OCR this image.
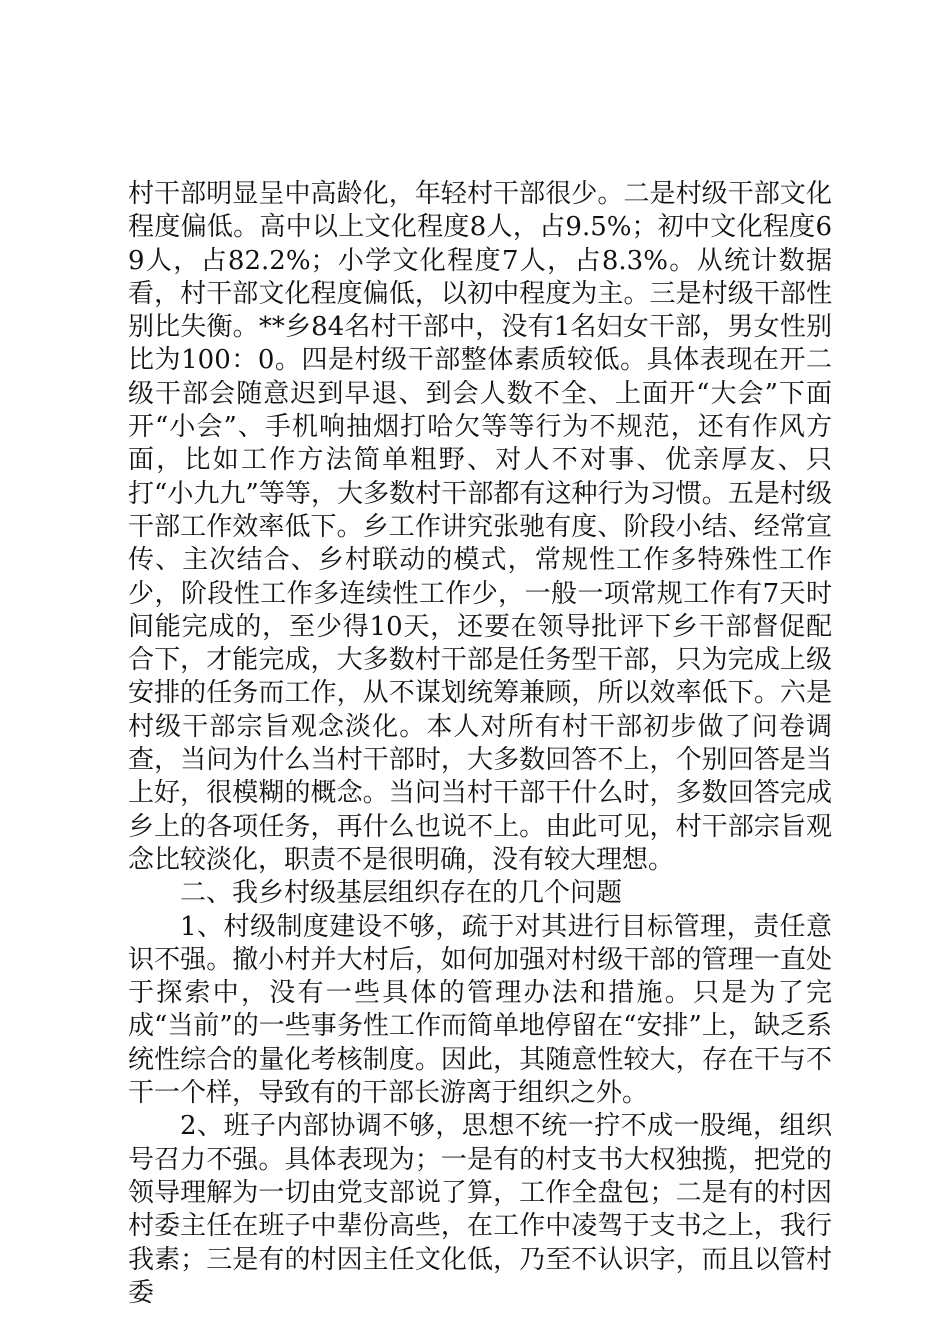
村干部明显呈中高龄化，年轻村干部很少。二是村级干部文化程度偏低。高中以上文化程度8人，占9.5%；初中文化程度69人，占82.2%；小学文化程度7人，占8.3%。从统计数据看，村干部文化程度偏低，以初中程度为主。三是村级干部性别比失衡。**乡84名村干部中，没有1名妇女干部，男女性别比为100：0。四是村级干部整体素质较低。具体表现在开二级干部会随意迟到早退、到会人数不全、上面开“大会”下面开“小会”、手机响抽烟打哈欠等等行为不规范，还有作风方面，比如工作方法简单粗野、对人不对事、优亲厚友、只打“小九九”等等，大多数村干部都有这种行为习惯。五是村级干部工作效率低下。乡工作讲究张驰有度、阶段小结、经常宣传、主次结合、乡村联动的模式，常规性工作多特殊性工作少，阶段性工作多连续性工作少，一般一项常规工作有7天时间能完成的，至少得10天，还要在领导批评下乡干部督促配合下，才能完成，大多数村干部是任务型干部，只为完成上级安排的任务而工作，从不谋划统筹兼顾，所以效率低下。六是村级干部宗旨观念淡化。本人对所有村干部初步做了问卷调查，当问为什么当村干部时，大多数回答不上，个别回答是当上好，很模糊的概念。当问当村干部干什么时，多数回答完成乡上的各项任务，再什么也说不上。由此可见，村干部宗旨观念比较淡化，职责不是很明确，没有较大理想。

二、我乡村级基层组织存在的几个问题

1、村级制度建设不够，疏于对其进行目标管理，责任意识不强。撤小村并大村后，如何加强对村级干部的管理一直处于探索中，没有一些具体的管理办法和措施。只是为了完成“当前”的一些事务性工作而简单地停留在“安排”上，缺乏系统性综合的量化考核制度。因此，其随意性较大，存在干与不干一个样，导致有的干部长游离于组织之外。

2、班子内部协调不够，思想不统一拧不成一股绳，组织号召力不强。具体表现为；一是有的村支书大权独揽，把党的领导理解为一切由党支部说了算，工作全盘包；二是有的村因村委主任在班子中辈份高些，在工作中凌驾于支书之上，我行我素；三是有的村因主任文化低，乃至不认识字，而且以管村委
